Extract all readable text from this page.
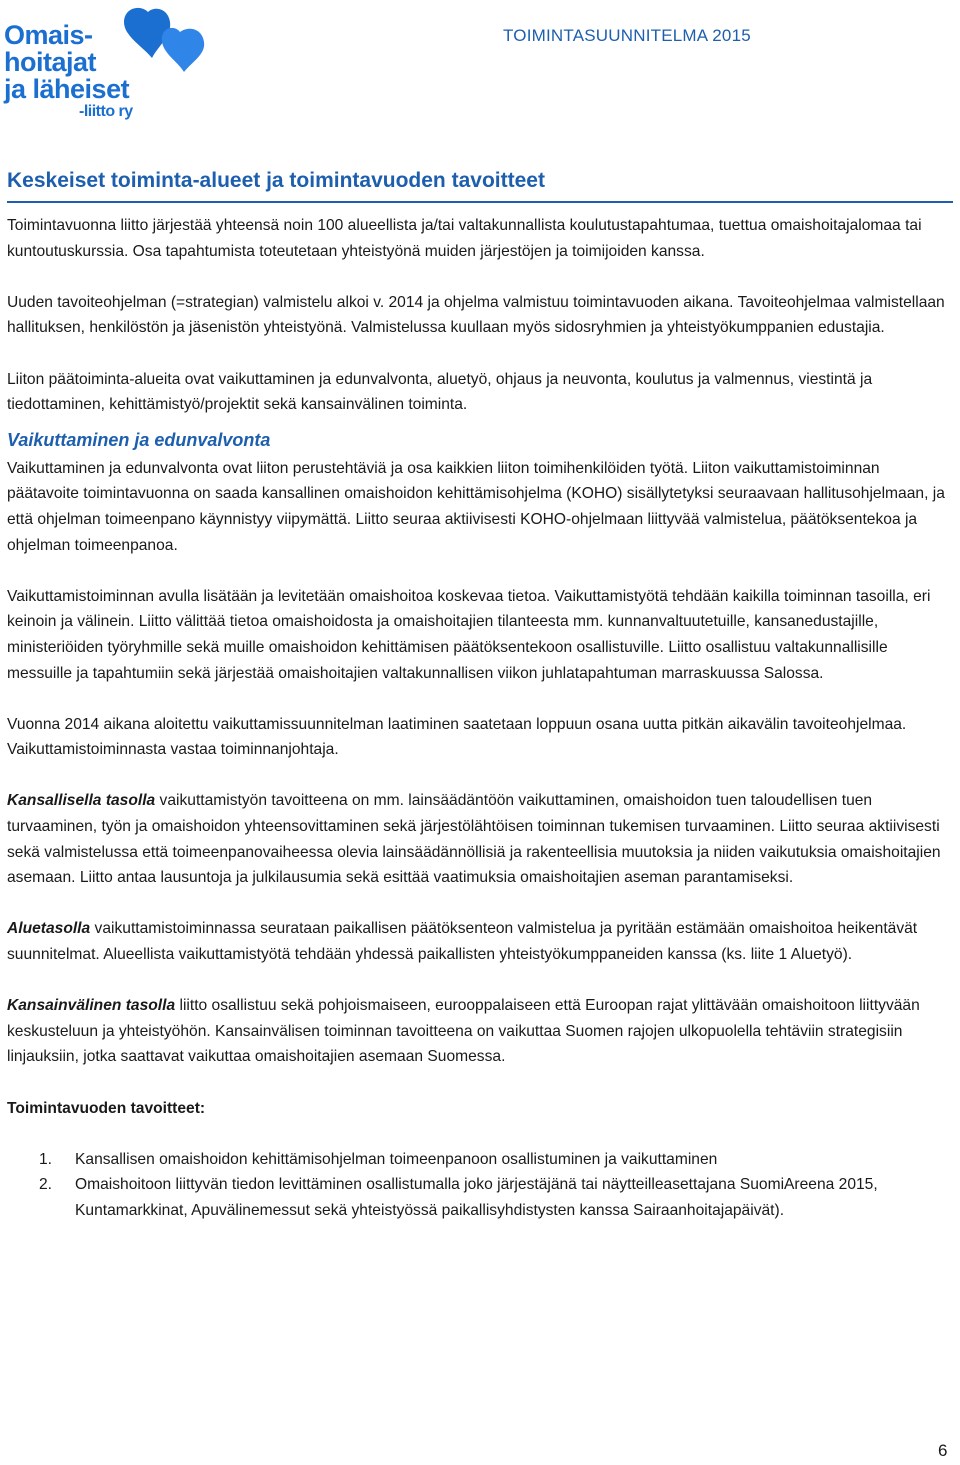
Omais-
hoitajat
ja läheiset
-liitto ry
TOIMINTASUUNNITELMA 2015
Keskeiset toiminta-alueet ja toimintavuoden tavoitteet

Toimintavuonna liitto järjestää yhteensä noin 100 alueellista ja/tai valtakunnallista koulutustapahtumaa, tuettua omaishoitajalomaa tai kuntoutuskurssia. Osa tapahtumista toteutetaan yhteistyönä muiden järjestöjen ja toimijoiden kanssa.

Uuden tavoiteohjelman (=strategian) valmistelu alkoi v. 2014 ja ohjelma valmistuu toimintavuoden aikana. Tavoiteohjelmaa valmistellaan hallituksen, henkilöstön ja jäsenistön yhteistyönä. Valmistelussa kuullaan myös sidosryhmien ja yhteistyökumppanien edustajia.

Liiton päätoiminta-alueita ovat vaikuttaminen ja edunvalvonta, aluetyö, ohjaus ja neuvonta, koulutus ja valmennus, viestintä ja tiedottaminen, kehittämistyö/projektit sekä kansainvälinen toiminta.

Vaikuttaminen ja edunvalvonta

Vaikuttaminen ja edunvalvonta ovat liiton perustehtäviä ja osa kaikkien liiton toimihenkilöiden työtä. Liiton vaikuttamistoiminnan päätavoite toimintavuonna on saada kansallinen omaishoidon kehittämisohjelma (KOHO) sisällytetyksi seuraavaan hallitusohjelmaan, ja että ohjelman toimeenpano käynnistyy viipymättä. Liitto seuraa aktiivisesti KOHO-ohjelmaan liittyvää valmistelua, päätöksentekoa ja ohjelman toimeenpanoa.

Vaikuttamistoiminnan avulla lisätään ja levitetään omaishoitoa koskevaa tietoa. Vaikuttamistyötä tehdään kaikilla toiminnan tasoilla, eri keinoin ja välinein. Liitto välittää tietoa omaishoidosta ja omaishoitajien tilanteesta mm. kunnanvaltuutetuille, kansanedustajille, ministeriöiden työryhmille sekä muille omaishoidon kehittämisen päätöksentekoon osallistuville. Liitto osallistuu valtakunnallisille messuille ja tapahtumiin sekä järjestää omaishoitajien valtakunnallisen viikon juhlatapahtuman marraskuussa Salossa.

Vuonna 2014 aikana aloitettu vaikuttamissuunnitelman laatiminen saatetaan loppuun osana uutta pitkän aikavälin tavoiteohjelmaa. Vaikuttamistoiminnasta vastaa toiminnanjohtaja.

Kansallisella tasolla vaikuttamistyön tavoitteena on mm. lainsäädäntöön vaikuttaminen, omaishoidon tuen taloudellisen tuen turvaaminen, työn ja omaishoidon yhteensovittaminen sekä järjestölähtöisen toiminnan tukemisen turvaaminen. Liitto seuraa aktiivisesti sekä valmistelussa että toimeenpanovaiheessa olevia lainsäädännöllisiä ja rakenteellisia muutoksia ja niiden vaikutuksia omaishoitajien asemaan. Liitto antaa lausuntoja ja julkilausumia sekä esittää vaatimuksia omaishoitajien aseman parantamiseksi.

Aluetasolla vaikuttamistoiminnassa seurataan paikallisen päätöksenteon valmistelua ja pyritään estämään omaishoitoa heikentävät suunnitelmat. Alueellista vaikuttamistyötä tehdään yhdessä paikallisten yhteistyökumppaneiden kanssa (ks. liite 1 Aluetyö).

Kansainvälinen tasolla liitto osallistuu sekä pohjoismaiseen, eurooppalaiseen että Euroopan rajat ylittävään omaishoitoon liittyvään keskusteluun ja yhteistyöhön. Kansainvälisen toiminnan tavoitteena on vaikuttaa Suomen rajojen ulkopuolella tehtäviin strategisiin linjauksiin, jotka saattavat vaikuttaa omaishoitajien asemaan Suomessa.

Toimintavuoden tavoitteet:

1. Kansallisen omaishoidon kehittämisohjelman toimeenpanoon osallistuminen ja vaikuttaminen
2. Omaishoitoon liittyvän tiedon levittäminen osallistumalla joko järjestäjänä tai näytteilleasettajana SuomiAreena 2015, Kuntamarkkinat, Apuvälinemessut sekä yhteistyössä paikallisyhdistysten kanssa Sairaanhoitajapäivät).
6
